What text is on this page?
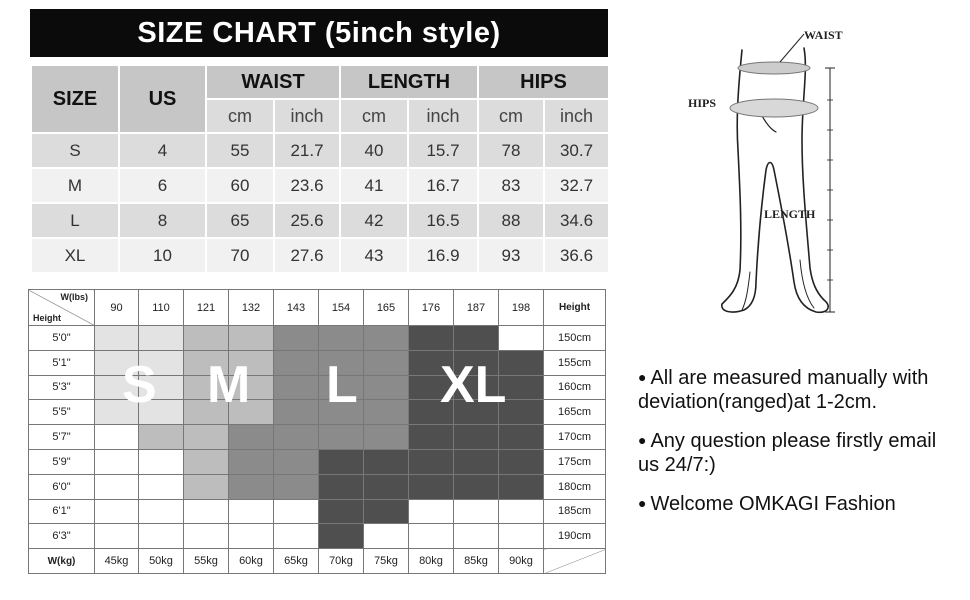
SIZE CHART (5inch style)
SIZE	US	WAIST		LENGTH		HIPS	
		cm	inch	cm	inch	cm	inch
S	4	55	21.7	40	15.7	78	30.7
M	6	60	23.6	41	16.7	83	32.7
L	8	65	25.6	42	16.5	88	34.6
XL	10	70	27.6	43	16.9	93	36.6
W(lbs)
Height	90	110	121	132	143	154	165	176	187	198	Height
5'0"											150cm
5'1"											155cm
5'3"											160cm
5'5"											165cm
5'7"											170cm
5'9"											175cm
6'0"											180cm
6'1"											185cm
6'3"											190cm
W(kg)	45kg	50kg	55kg	60kg	65kg	70kg	75kg	80kg	85kg	90kg	
S M L XL
WAIST
HIPS
LENGTH
● All are measured manually with deviation(ranged)at 1-2cm.
● Any question please firstly email us 24/7:)
● Welcome OMKAGI Fashion
